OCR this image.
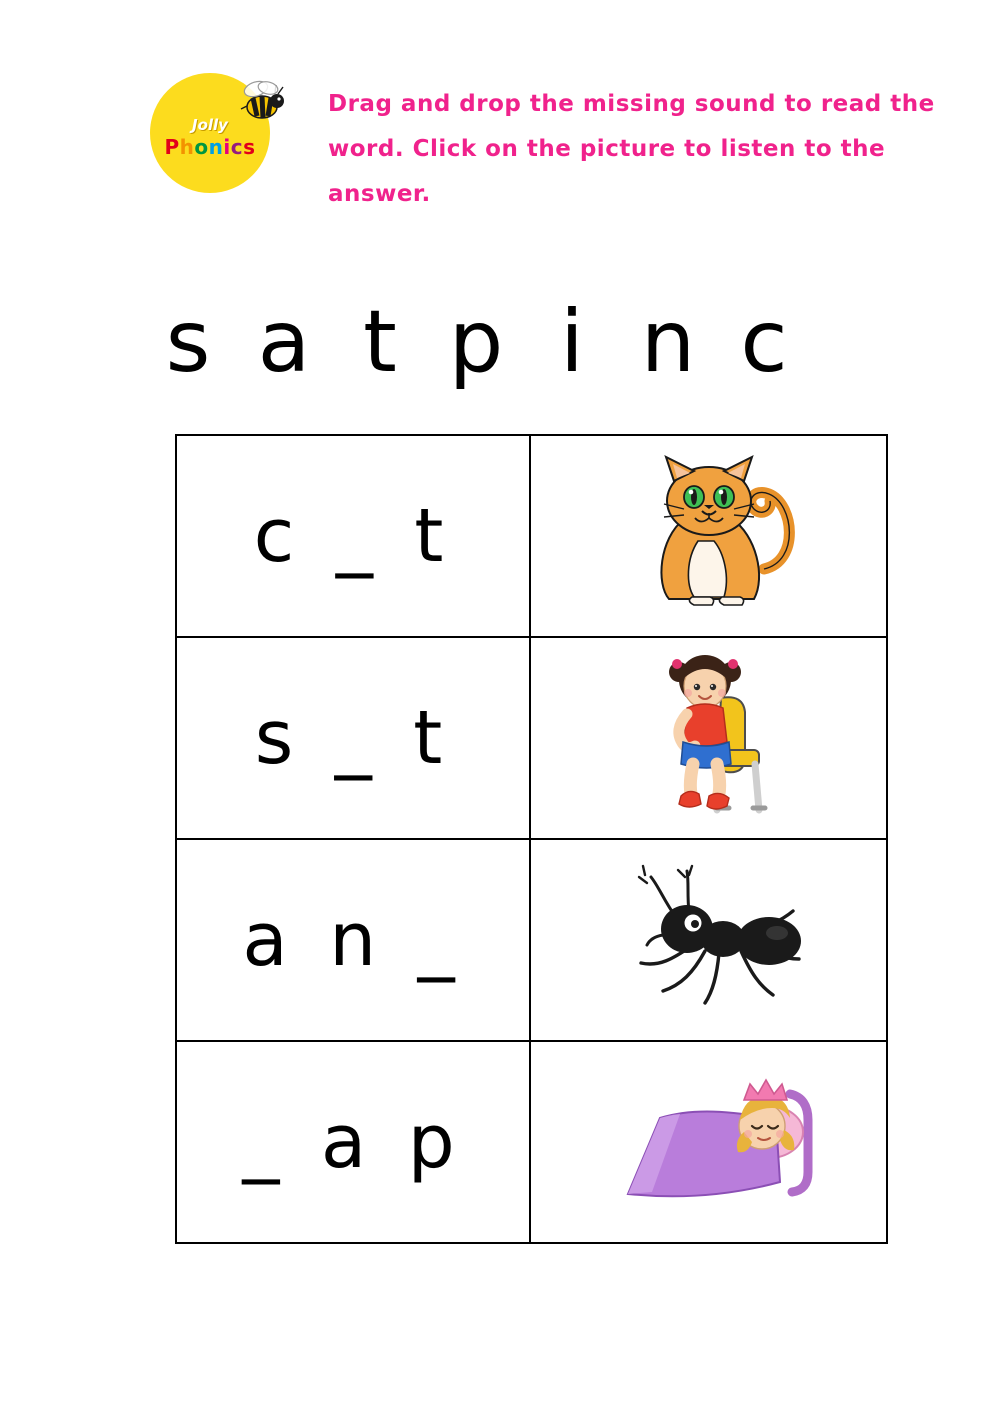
Jolly
Phonics
Drag and drop the missing sound to read the word. Click on the picture to listen to the answer.
s a t p i n c
c _ t	

s _ t	

a n _	

_ a p	
